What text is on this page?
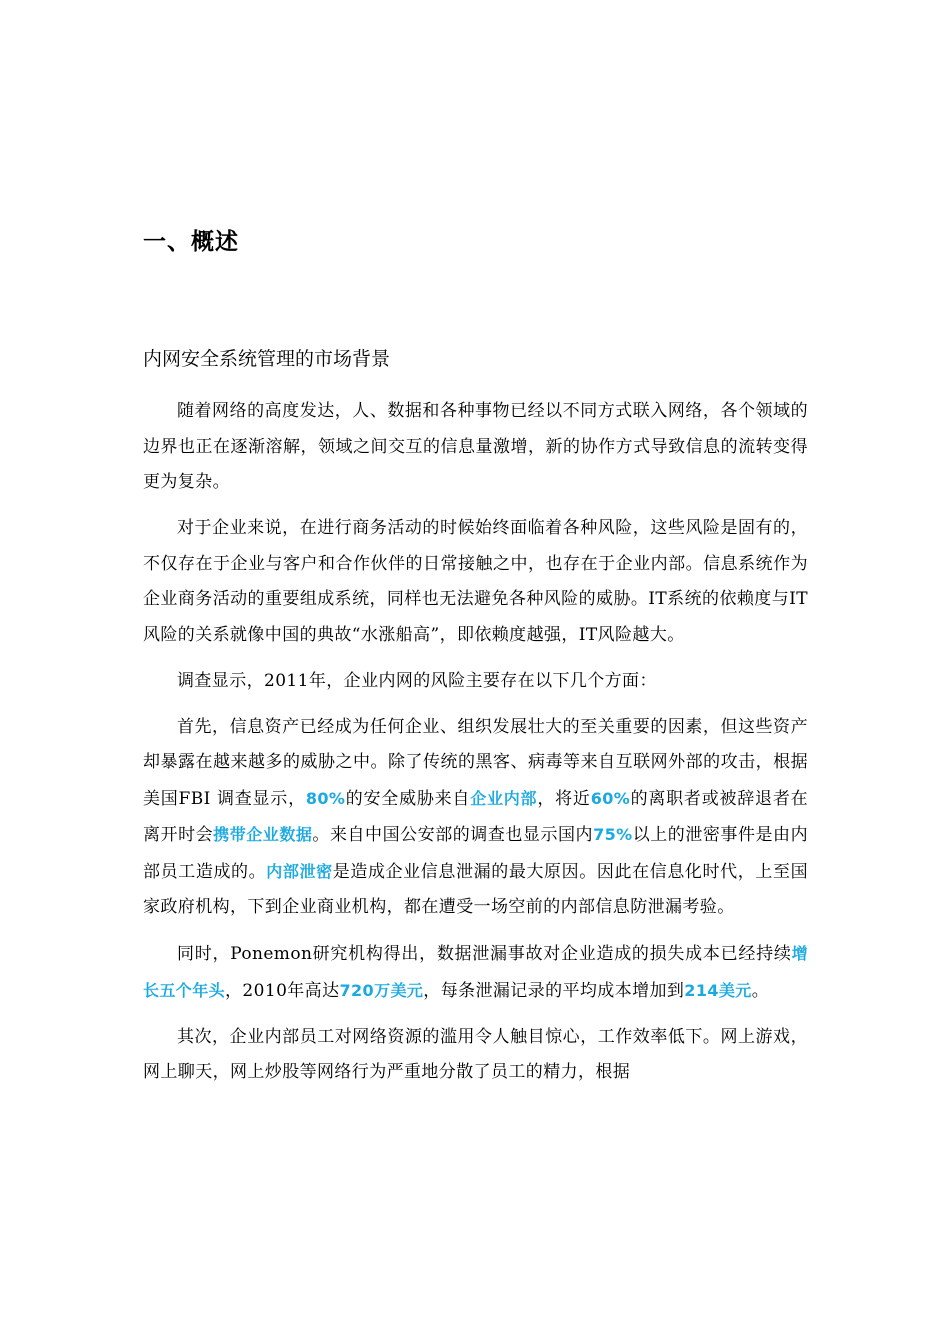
一、概述
内网安全系统管理的市场背景

随着网络的高度发达，人、数据和各种事物已经以不同方式联入网络，各个领域的边界也正在逐渐溶解，领域之间交互的信息量激增，新的协作方式导致信息的流转变得更为复杂。

对于企业来说，在进行商务活动的时候始终面临着各种风险，这些风险是固有的，不仅存在于企业与客户和合作伙伴的日常接触之中，也存在于企业内部。信息系统作为企业商务活动的重要组成系统，同样也无法避免各种风险的威胁。IT系统的依赖度与IT风险的关系就像中国的典故“水涨船高”，即依赖度越强，IT风险越大。

调查显示，2011年，企业内网的风险主要存在以下几个方面：

首先，信息资产已经成为任何企业、组织发展壮大的至关重要的因素，但这些资产却暴露在越来越多的威胁之中。除了传统的黑客、病毒等来自互联网外部的攻击，根据美国FBI 调查显示，80%的安全威胁来自企业内部，将近60%的离职者或被辞退者在离开时会携带企业数据。来自中国公安部的调查也显示国内75%以上的泄密事件是由内部员工造成的。内部泄密是造成企业信息泄漏的最大原因。因此在信息化时代，上至国家政府机构，下到企业商业机构，都在遭受一场空前的内部信息防泄漏考验。

同时，Ponemon研究机构得出，数据泄漏事故对企业造成的损失成本已经持续增长五个年头，2010年高达720万美元，每条泄漏记录的平均成本增加到214美元。

其次，企业内部员工对网络资源的滥用令人触目惊心，工作效率低下。网上游戏，网上聊天，网上炒股等网络行为严重地分散了员工的精力，根据
